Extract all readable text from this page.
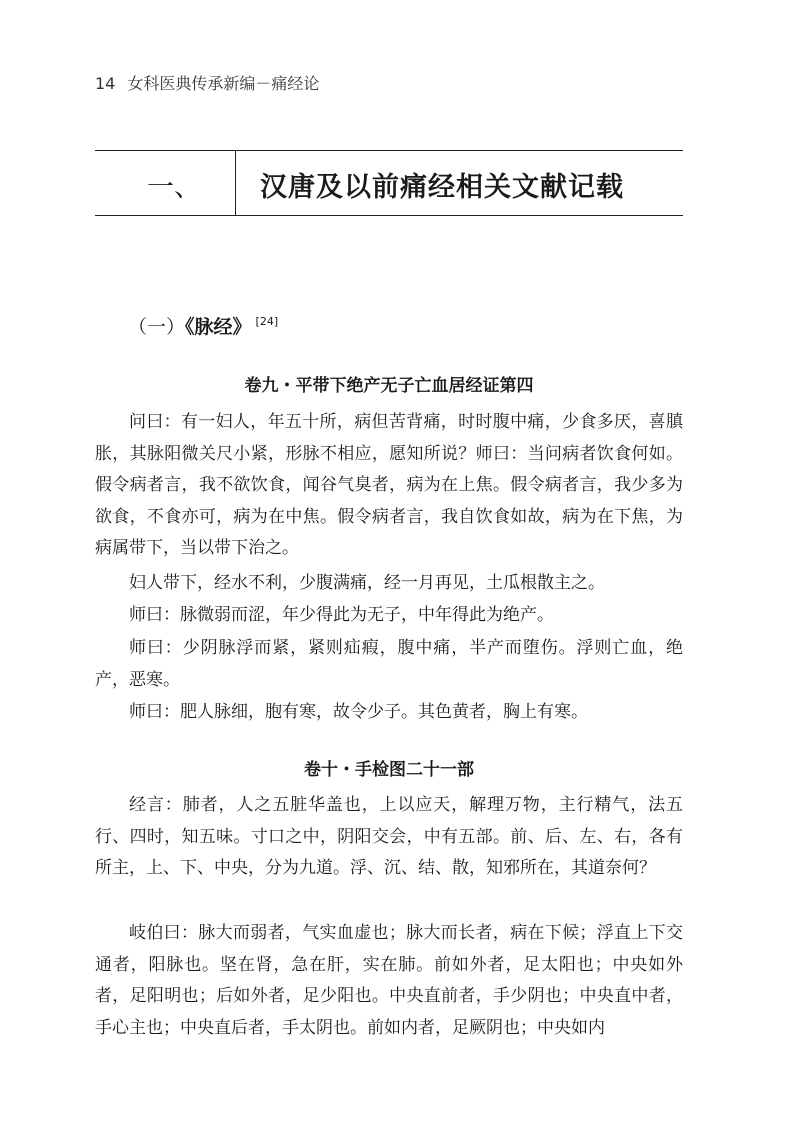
14 女科医典传承新编－痛经论
一、 汉唐及以前痛经相关文献记载
（一）《脉经》 [24]
卷九・平带下绝产无子亡血居经证第四

问曰：有一妇人，年五十所，病但苦背痛，时时腹中痛，少食多厌，喜䐜胀，其脉阳微关尺小紧，形脉不相应，愿知所说？师曰：当问病者饮食何如。假令病者言，我不欲饮食，闻谷气臭者，病为在上焦。假令病者言，我少多为欲食，不食亦可，病为在中焦。假令病者言，我自饮食如故，病为在下焦，为病属带下，当以带下治之。

妇人带下，经水不利，少腹满痛，经一月再见，土瓜根散主之。

师曰：脉微弱而涩，年少得此为无子，中年得此为绝产。

师曰：少阴脉浮而紧，紧则疝瘕，腹中痛，半产而堕伤。浮则亡血，绝产，恶寒。

师曰：肥人脉细，胞有寒，故令少子。其色黄者，胸上有寒。

卷十・手检图二十一部

经言：肺者，人之五脏华盖也，上以应天，解理万物，主行精气，法五行、四时，知五味。寸口之中，阴阳交会，中有五部。前、后、左、右，各有所主，上、下、中央，分为九道。浮、沉、结、散，知邪所在，其道奈何？

岐伯曰：脉大而弱者，气实血虚也；脉大而长者，病在下候；浮直上下交通者，阳脉也。坚在肾，急在肝，实在肺。前如外者，足太阳也；中央如外者，足阳明也；后如外者，足少阳也。中央直前者，手少阴也；中央直中者，手心主也；中央直后者，手太阴也。前如内者，足厥阴也；中央如内
